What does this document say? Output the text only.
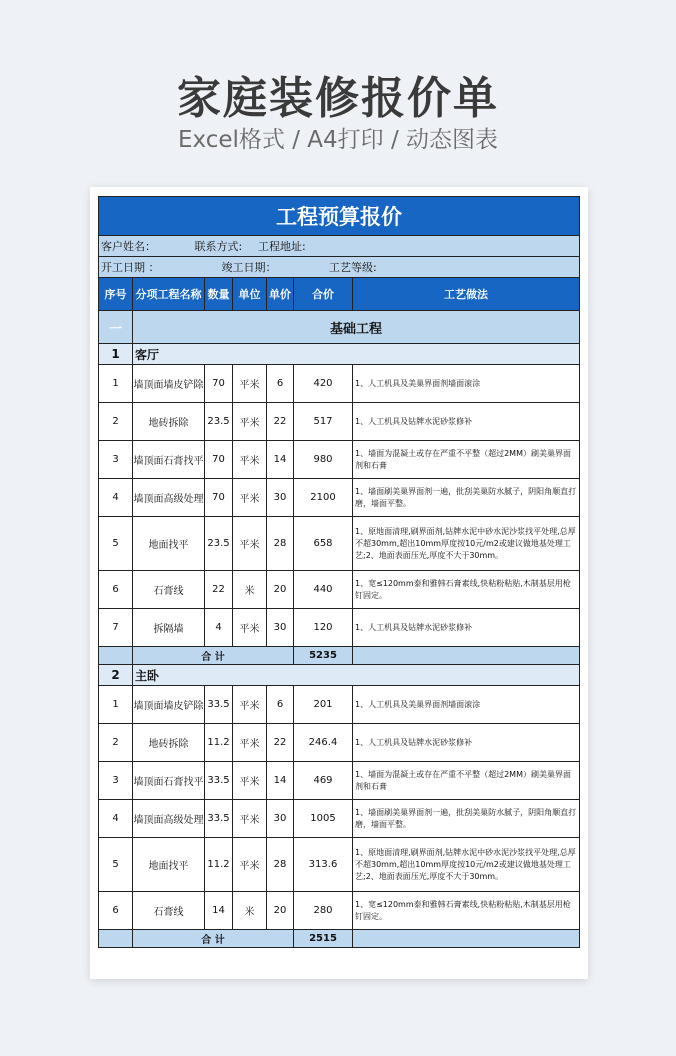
家庭装修报价单
Excel格式 / A4打印 / 动态图表
工程预算报价						
客户姓名： 联系方式: 工程地址:						
开工日期 ： 竣工日期： 工艺等级:						
序号	分项工程名称	数量	单位	单价	合价	工艺做法
一	基础工程					
1	客厅					
1	墙顶面墙皮铲除	70	平米	6	420	1、人工机具及美巢界面剂墙面滚涂
2	地砖拆除	23.5	平米	22	517	1、人工机具及钻牌水泥砂浆修补
3	墙顶面石膏找平	70	平米	14	980	1、墙面为混凝土或存在严重不平整（超过2MM）刷美巢界面剂和石膏
4	墙顶面高级处理	70	平米	30	2100	1、墙面刷美巢界面剂一遍，批刮美巢防水腻子，阴阳角顺直打磨，墙面平整。
5	地面找平	23.5	平米	28	658	1、原地面清理,刷界面剂,钻牌水泥中砂水泥沙浆找平处理,总厚不超30mm,超出10mm厚度按10元/m2或建议做地基处理工艺;2、地面表面压光,厚度不大于30mm。
6	石膏线	22	米	20	440	1、宽≤120mm泰和雅韩石膏素线,快粘粉粘贴,木制基层用枪钉固定。
7	拆隔墙	4	平米	30	120	1、人工机具及钻牌水泥砂浆修补
	合 计				5235	
2	主卧					
1	墙顶面墙皮铲除	33.5	平米	6	201	1、人工机具及美巢界面剂墙面滚涂
2	地砖拆除	11.2	平米	22	246.4	1、人工机具及钻牌水泥砂浆修补
3	墙顶面石膏找平	33.5	平米	14	469	1、墙面为混凝土或存在严重不平整（超过2MM）刷美巢界面剂和石膏
4	墙顶面高级处理	33.5	平米	30	1005	1、墙面刷美巢界面剂一遍，批刮美巢防水腻子，阴阳角顺直打磨，墙面平整。
5	地面找平	11.2	平米	28	313.6	1、原地面清理,刷界面剂,钻牌水泥中砂水泥沙浆找平处理,总厚不超30mm,超出10mm厚度按10元/m2或建议做地基处理工艺;2、地面表面压光,厚度不大于30mm。
6	石膏线	14	米	20	280	1、宽≤120mm泰和雅韩石膏素线,快粘粉粘贴,木制基层用枪钉固定。
	合 计				2515	
